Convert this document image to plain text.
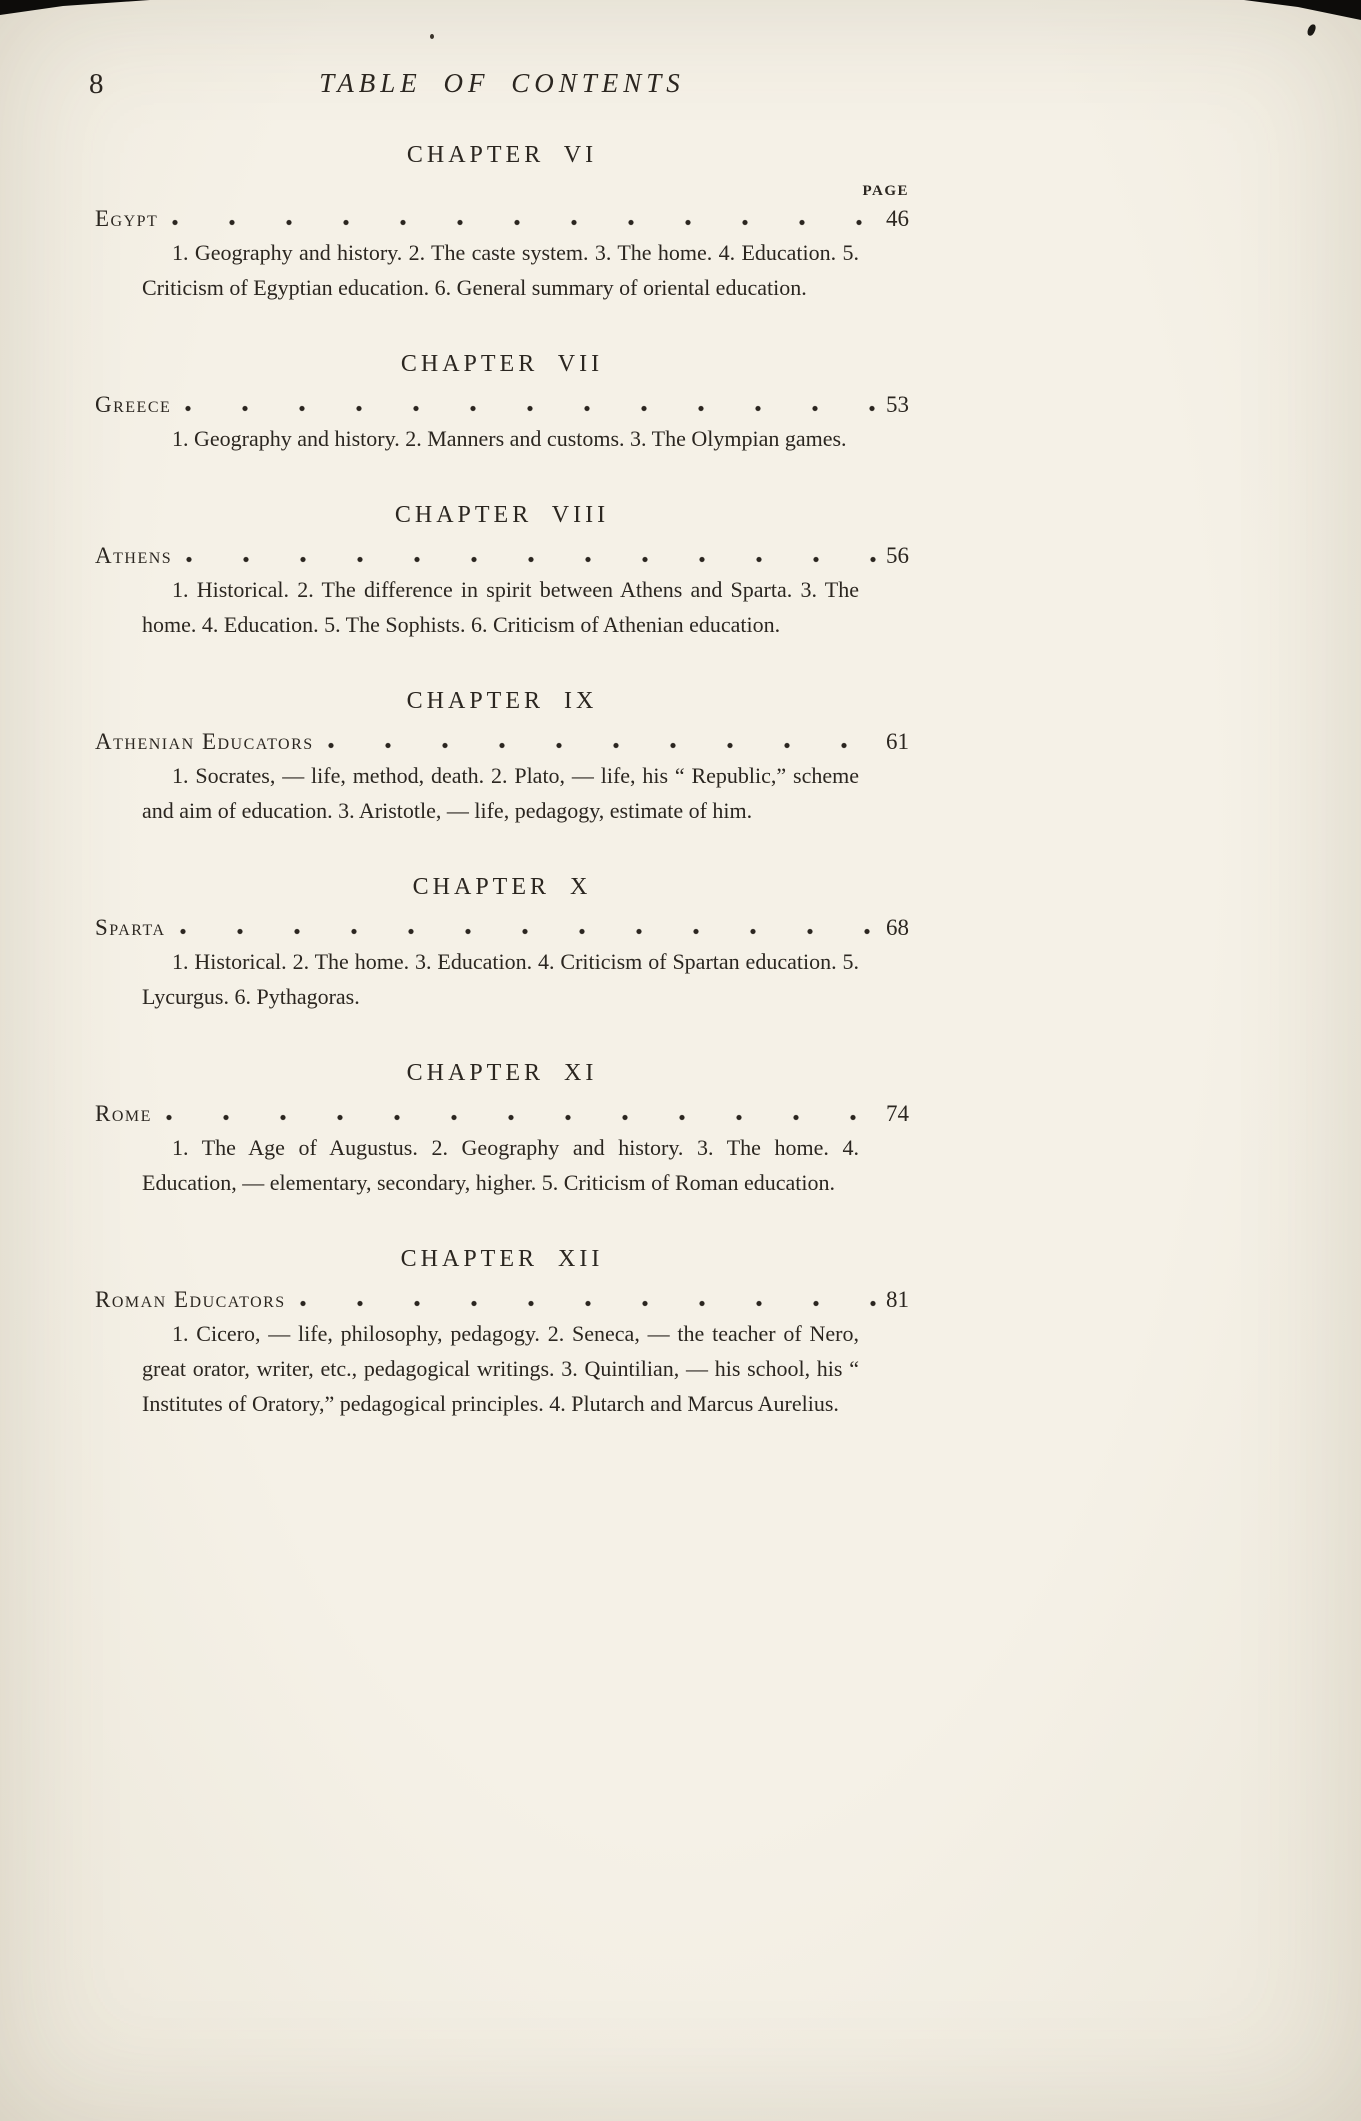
8	TABLE OF CONTENTS
CHAPTER VI
PAGE
Egypt	46

1. Geography and history. 2. The caste system. 3. The home. 4. Education. 5. Criticism of Egyptian education. 6. General summary of oriental education.

CHAPTER VII
Greece	53

1. Geography and history. 2. Manners and customs. 3. The Olympian games.

CHAPTER VIII
Athens	56

1. Historical. 2. The difference in spirit between Athens and Sparta. 3. The home. 4. Education. 5. The Sophists. 6. Criticism of Athenian education.

CHAPTER IX
Athenian Educators	61

1. Socrates, — life, method, death. 2. Plato, — life, his “ Republic,” scheme and aim of education. 3. Aristotle, — life, pedagogy, estimate of him.

CHAPTER X
Sparta	68

1. Historical. 2. The home. 3. Education. 4. Criticism of Spartan education. 5. Lycurgus. 6. Pythagoras.

CHAPTER XI
Rome	74

1. The Age of Augustus. 2. Geography and history. 3. The home. 4. Education, — elementary, secondary, higher. 5. Criticism of Roman education.

CHAPTER XII
Roman Educators	81

1. Cicero, — life, philosophy, pedagogy. 2. Seneca, — the teacher of Nero, great orator, writer, etc., pedagogical writings. 3. Quintilian, — his school, his “ Institutes of Oratory,” pedagogical principles. 4. Plutarch and Marcus Aurelius.
